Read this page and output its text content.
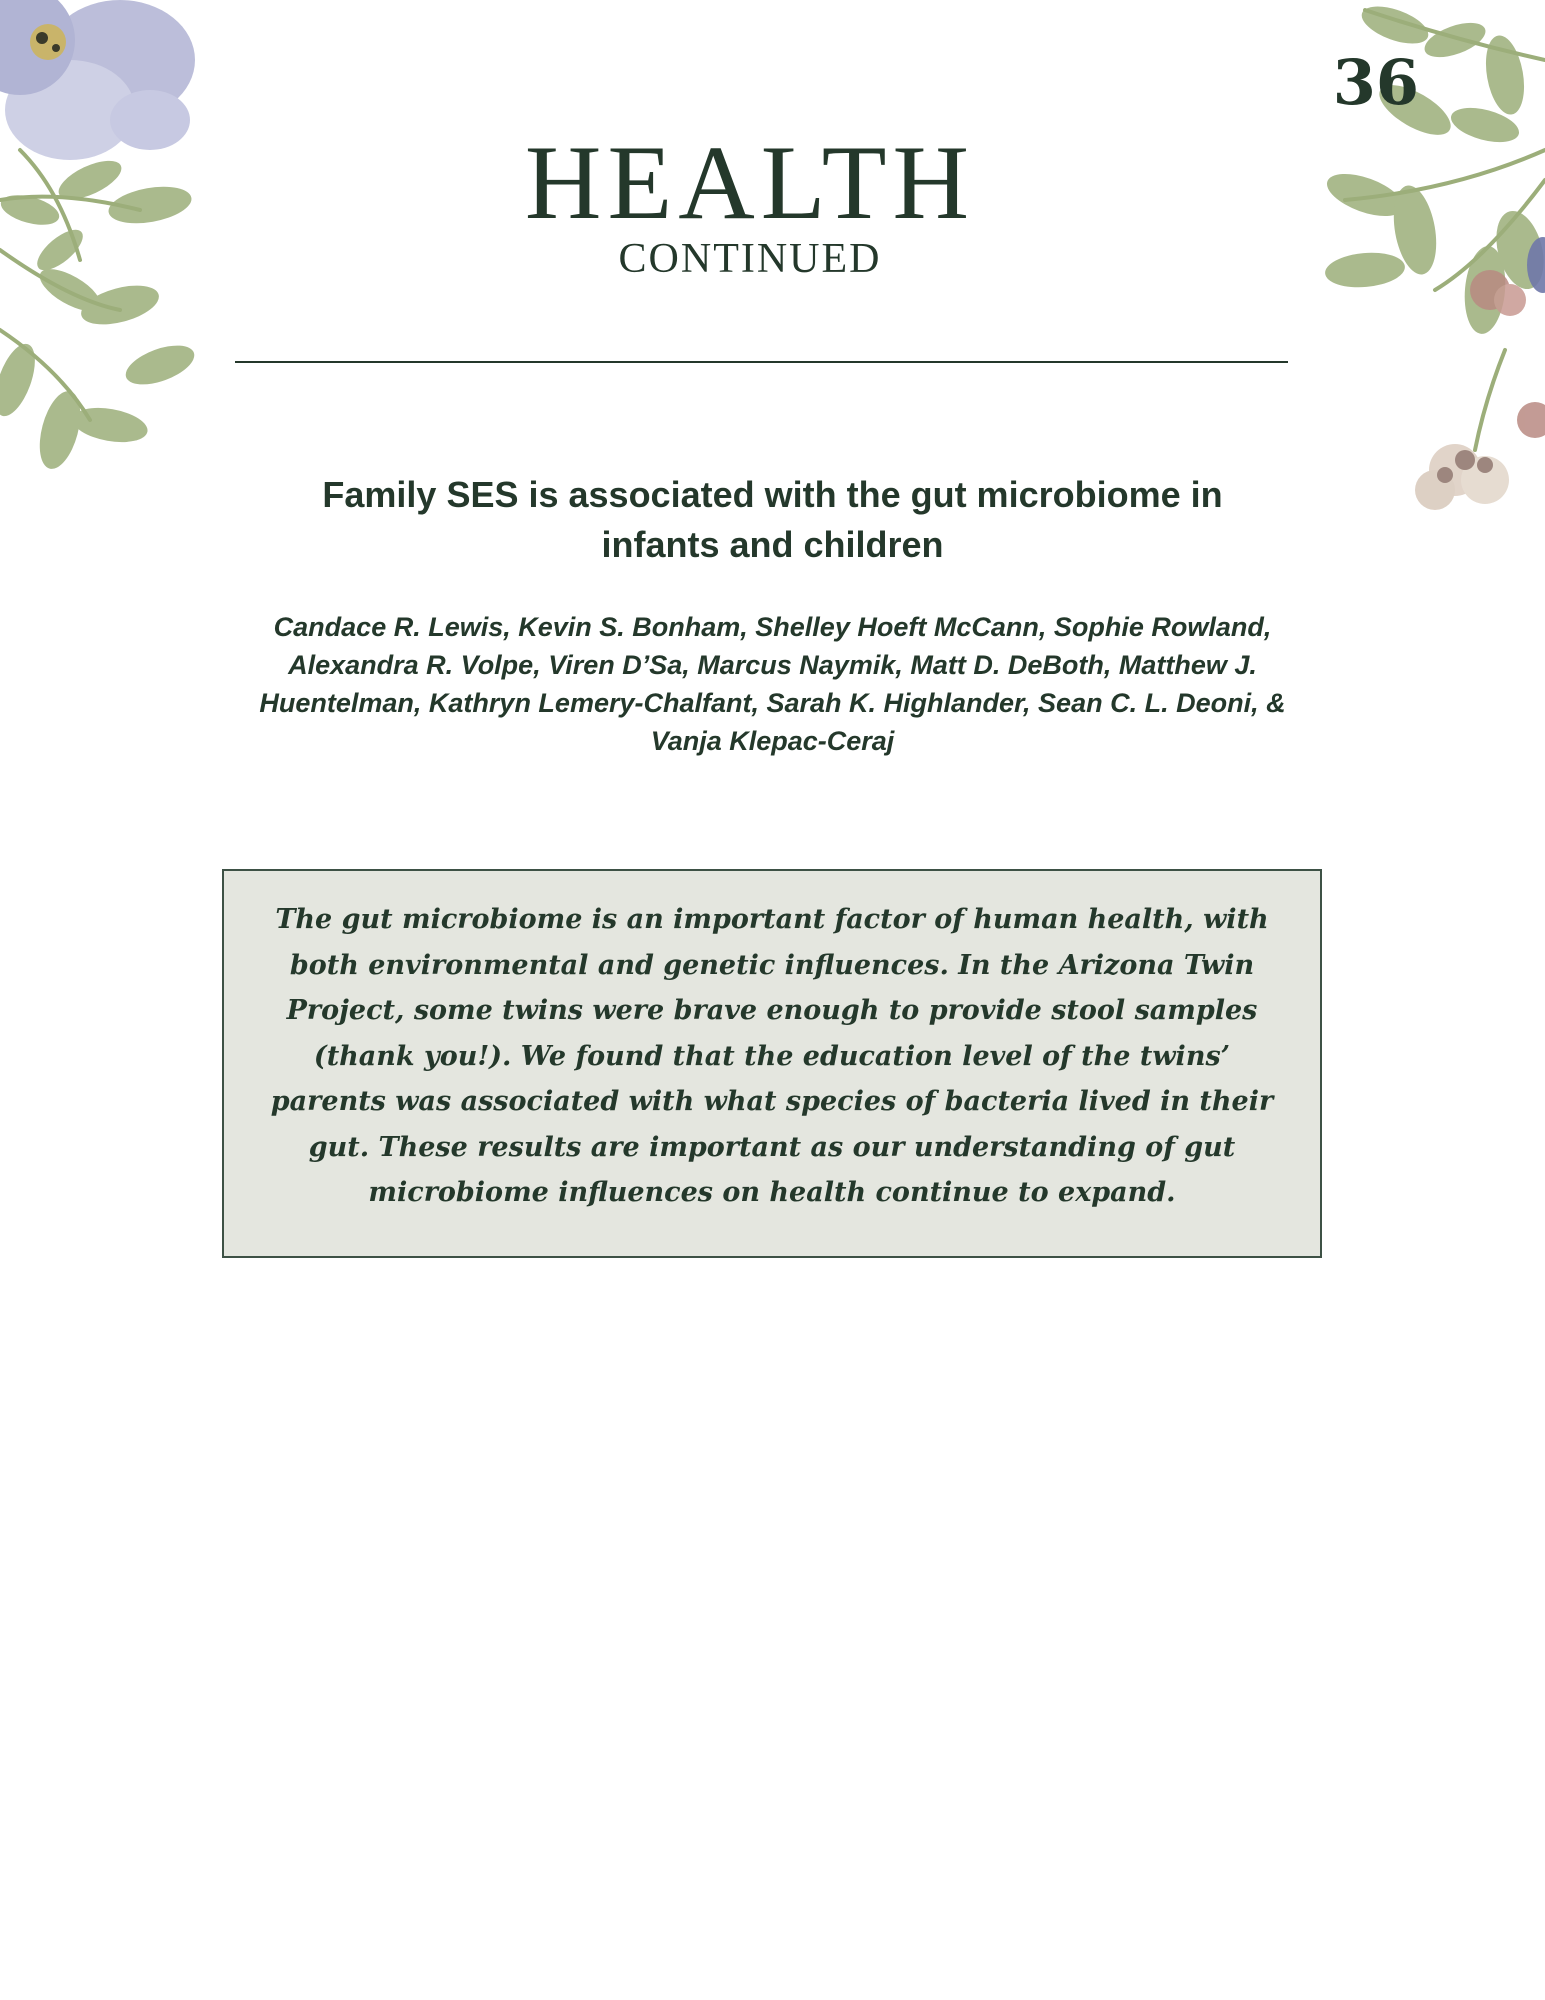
36
HEALTH
CONTINUED
Family SES is associated with the gut microbiome in infants and children
Candace R. Lewis, Kevin S. Bonham, Shelley Hoeft McCann, Sophie Rowland, Alexandra R. Volpe, Viren D’Sa, Marcus Naymik, Matt D. DeBoth, Matthew J. Huentelman, Kathryn Lemery-Chalfant, Sarah K. Highlander, Sean C. L. Deoni, & Vanja Klepac-Ceraj

The gut microbiome is an important factor of human health, with both environmental and genetic influences. In the Arizona Twin Project, some twins were brave enough to provide stool samples (thank you!). We found that the education level of the twins’ parents was associated with what species of bacteria lived in their gut. These results are important as our understanding of gut microbiome influences on health continue to expand.
